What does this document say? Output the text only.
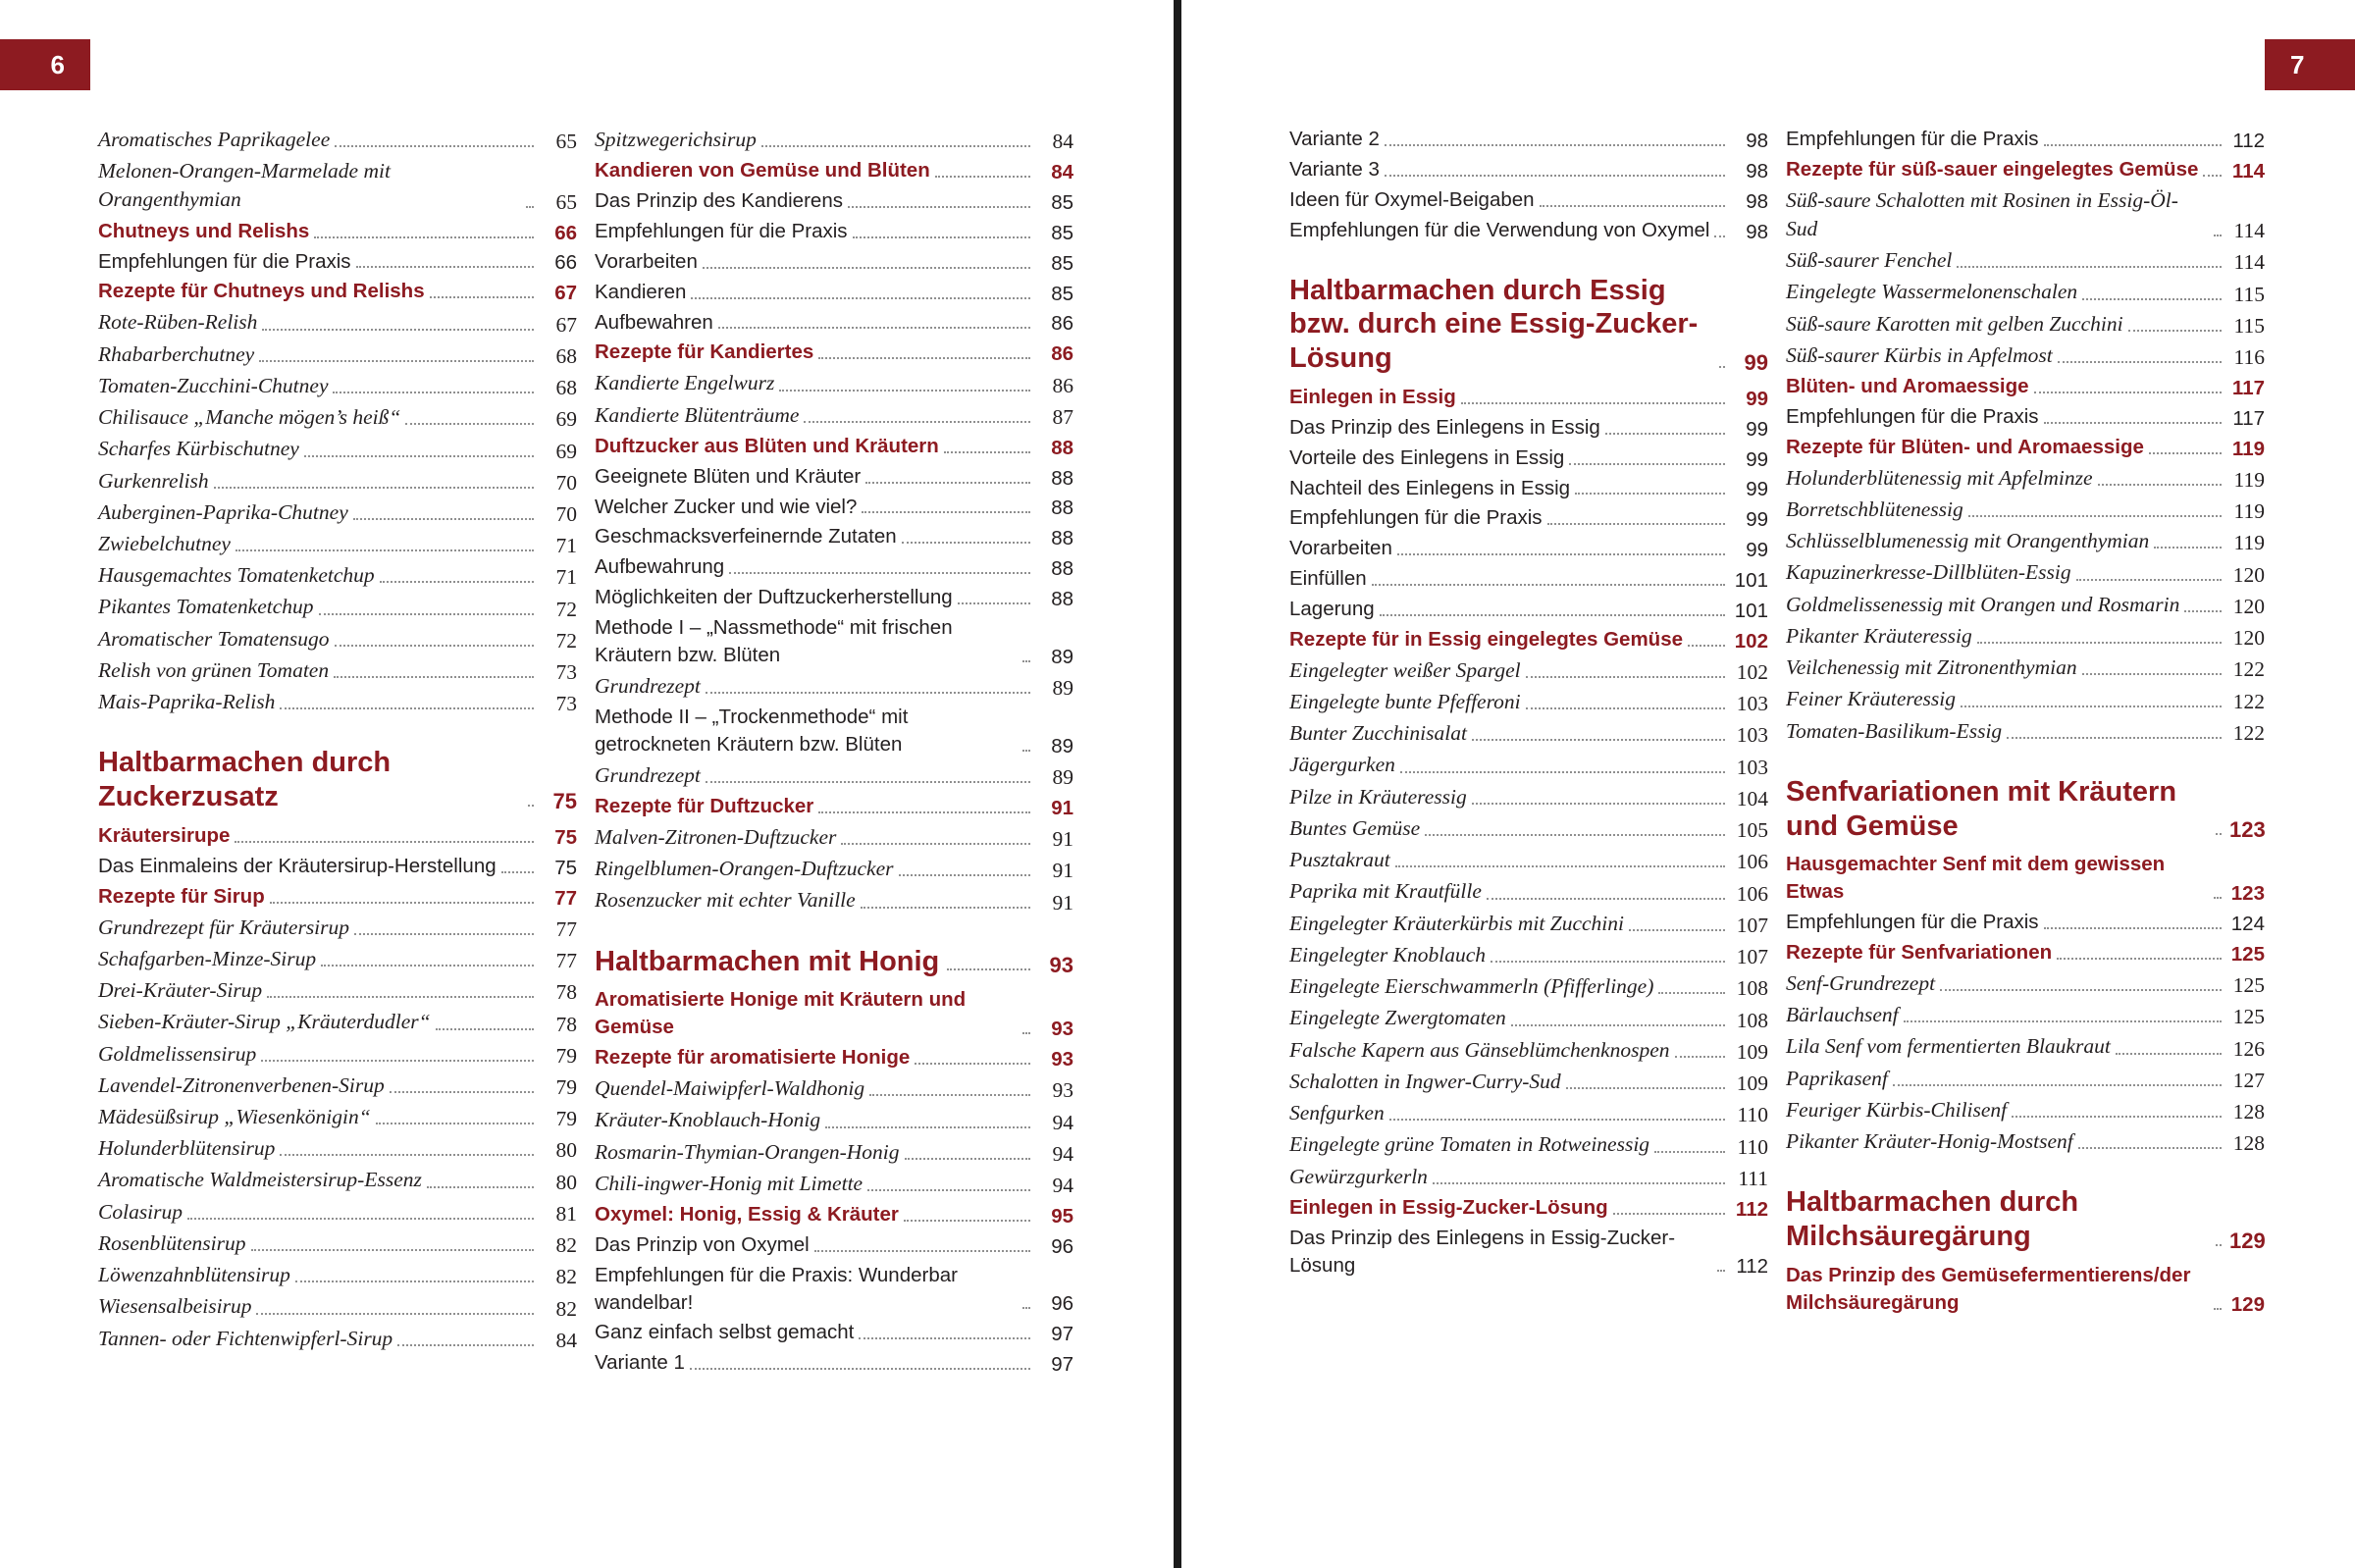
6
Aromatisches Paprikagelee	65
Melonen-Orangen-Marmelade mit Orangenthymian	65
Chutneys und Relishs	66
Empfehlungen für die Praxis	66
Rezepte für Chutneys und Relishs	67
Rote-Rüben-Relish	67
Rhabarberchutney	68
Tomaten-Zucchini-Chutney	68
Chilisauce „Manche mögen’s heiß“	69
Scharfes Kürbischutney	69
Gurkenrelish	70
Auberginen-Paprika-Chutney	70
Zwiebelchutney	71
Hausgemachtes Tomatenketchup	71
Pikantes Tomatenketchup	72
Aromatischer Tomatensugo	72
Relish von grünen Tomaten	73
Mais-Paprika-Relish	73
Haltbarmachen durch Zuckerzusatz	75
Kräutersirupe	75
Das Einmaleins der Kräutersirup-Herstellung	75
Rezepte für Sirup	77
Grundrezept für Kräutersirup	77
Schafgarben-Minze-Sirup	77
Drei-Kräuter-Sirup	78
Sieben-Kräuter-Sirup „Kräuterdudler“	78
Goldmelissensirup	79
Lavendel-Zitronenverbenen-Sirup	79
Mädesüßsirup „Wiesenkönigin“	79
Holunderblütensirup	80
Aromatische Waldmeistersirup-Essenz	80
Colasirup	81
Rosenblütensirup	82
Löwenzahnblütensirup	82
Wiesensalbeisirup	82
Tannen- oder Fichtenwipferl-Sirup	84
Spitzwegerichsirup	84
Kandieren von Gemüse und Blüten	84
Das Prinzip des Kandierens	85
Empfehlungen für die Praxis	85
Vorarbeiten	85
Kandieren	85
Aufbewahren	86
Rezepte für Kandiertes	86
Kandierte Engelwurz	86
Kandierte Blütenträume	87
Duftzucker aus Blüten und Kräutern	88
Geeignete Blüten und Kräuter	88
Welcher Zucker und wie viel?	88
Geschmacksverfeinernde Zutaten	88
Aufbewahrung	88
Möglichkeiten der Duftzuckerherstellung	88
Methode I – „Nassmethode“ mit frischen Kräutern bzw. Blüten	89
Grundrezept	89
Methode II – „Trockenmethode“ mit getrockneten Kräutern bzw. Blüten	89
Grundrezept	89
Rezepte für Duftzucker	91
Malven-Zitronen-Duftzucker	91
Ringelblumen-Orangen-Duftzucker	91
Rosenzucker mit echter Vanille	91
Haltbarmachen mit Honig	93
Aromatisierte Honige mit Kräutern und Gemüse	93
Rezepte für aromatisierte Honige	93
Quendel-Maiwipferl-Waldhonig	93
Kräuter-Knoblauch-Honig	94
Rosmarin-Thymian-Orangen-Honig	94
Chili-ingwer-Honig mit Limette	94
Oxymel: Honig, Essig & Kräuter	95
Das Prinzip von Oxymel	96
Empfehlungen für die Praxis: Wunderbar wandelbar!	96
Ganz einfach selbst gemacht	97
Variante 1	97
7
Variante 2	98
Variante 3	98
Ideen für Oxymel-Beigaben	98
Empfehlungen für die Verwendung von Oxymel	98
Haltbarmachen durch Essig bzw. durch eine Essig-Zucker-Lösung	99
Einlegen in Essig	99
Das Prinzip des Einlegens in Essig	99
Vorteile des Einlegens in Essig	99
Nachteil des Einlegens in Essig	99
Empfehlungen für die Praxis	99
Vorarbeiten	99
Einfüllen	101
Lagerung	101
Rezepte für in Essig eingelegtes Gemüse	102
Eingelegter weißer Spargel	102
Eingelegte bunte Pfefferoni	103
Bunter Zucchinisalat	103
Jägergurken	103
Pilze in Kräuteressig	104
Buntes Gemüse	105
Pusztakraut	106
Paprika mit Krautfülle	106
Eingelegter Kräuterkürbis mit Zucchini	107
Eingelegter Knoblauch	107
Eingelegte Eierschwammerln (Pfifferlinge)	108
Eingelegte Zwergtomaten	108
Falsche Kapern aus Gänseblümchenknospen	109
Schalotten in Ingwer-Curry-Sud	109
Senfgurken	110
Eingelegte grüne Tomaten in Rotweinessig	110
Gewürzgurkerln	111
Einlegen in Essig-Zucker-Lösung	112
Das Prinzip des Einlegens in Essig-Zucker-Lösung	112
Empfehlungen für die Praxis	112
Rezepte für süß-sauer eingelegtes Gemüse	114
Süß-saure Schalotten mit Rosinen in Essig-Öl-Sud	114
Süß-saurer Fenchel	114
Eingelegte Wassermelonenschalen	115
Süß-saure Karotten mit gelben Zucchini	115
Süß-saurer Kürbis in Apfelmost	116
Blüten- und Aromaessige	117
Empfehlungen für die Praxis	117
Rezepte für Blüten- und Aromaessige	119
Holunderblütenessig mit Apfelminze	119
Borretschblütenessig	119
Schlüsselblumenessig mit Orangenthymian	119
Kapuzinerkresse-Dillblüten-Essig	120
Goldmelissenessig mit Orangen und Rosmarin	120
Pikanter Kräuteressig	120
Veilchenessig mit Zitronenthymian	122
Feiner Kräuteressig	122
Tomaten-Basilikum-Essig	122
Senfvariationen mit Kräutern und Gemüse	123
Hausgemachter Senf mit dem gewissen Etwas	123
Empfehlungen für die Praxis	124
Rezepte für Senfvariationen	125
Senf-Grundrezept	125
Bärlauchsenf	125
Lila Senf vom fermentierten Blaukraut	126
Paprikasenf	127
Feuriger Kürbis-Chilisenf	128
Pikanter Kräuter-Honig-Mostsenf	128
Haltbarmachen durch Milchsäuregärung	129
Das Prinzip des Gemüsefermentierens/der Milchsäuregärung	129
